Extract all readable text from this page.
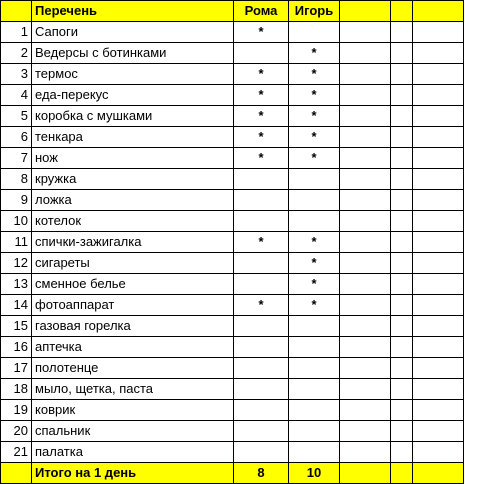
	Перечень	Рома	Игорь			
1	Сапоги	*				
2	Ведерсы с ботинками		*			
3	термос	*	*			
4	еда-перекус	*	*			
5	коробка с мушками	*	*			
6	тенкара	*	*			
7	нож	*	*			
8	кружка					
9	ложка					
10	котелок					
11	спички-зажигалка	*	*			
12	сигареты		*			
13	сменное белье		*			
14	фотоаппарат	*	*			
15	газовая горелка					
16	аптечка					
17	полотенце					
18	мыло, щетка, паста					
19	коврик					
20	спальник					
21	палатка					
	Итого на 1 день	8	10			
